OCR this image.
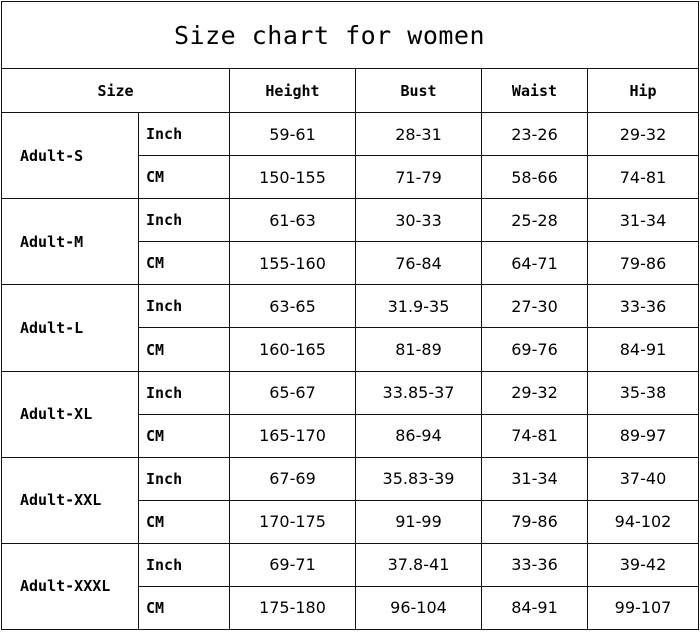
Size chart for women					
Size		Height	Bust	Waist	Hip
Adult-S	Inch	59-61	28-31	23-26	29-32
	CM	150-155	71-79	58-66	74-81
Adult-M	Inch	61-63	30-33	25-28	31-34
	CM	155-160	76-84	64-71	79-86
Adult-L	Inch	63-65	31.9-35	27-30	33-36
	CM	160-165	81-89	69-76	84-91
Adult-XL	Inch	65-67	33.85-37	29-32	35-38
	CM	165-170	86-94	74-81	89-97
Adult-XXL	Inch	67-69	35.83-39	31-34	37-40
	CM	170-175	91-99	79-86	94-102
Adult-XXXL	Inch	69-71	37.8-41	33-36	39-42
	CM	175-180	96-104	84-91	99-107
